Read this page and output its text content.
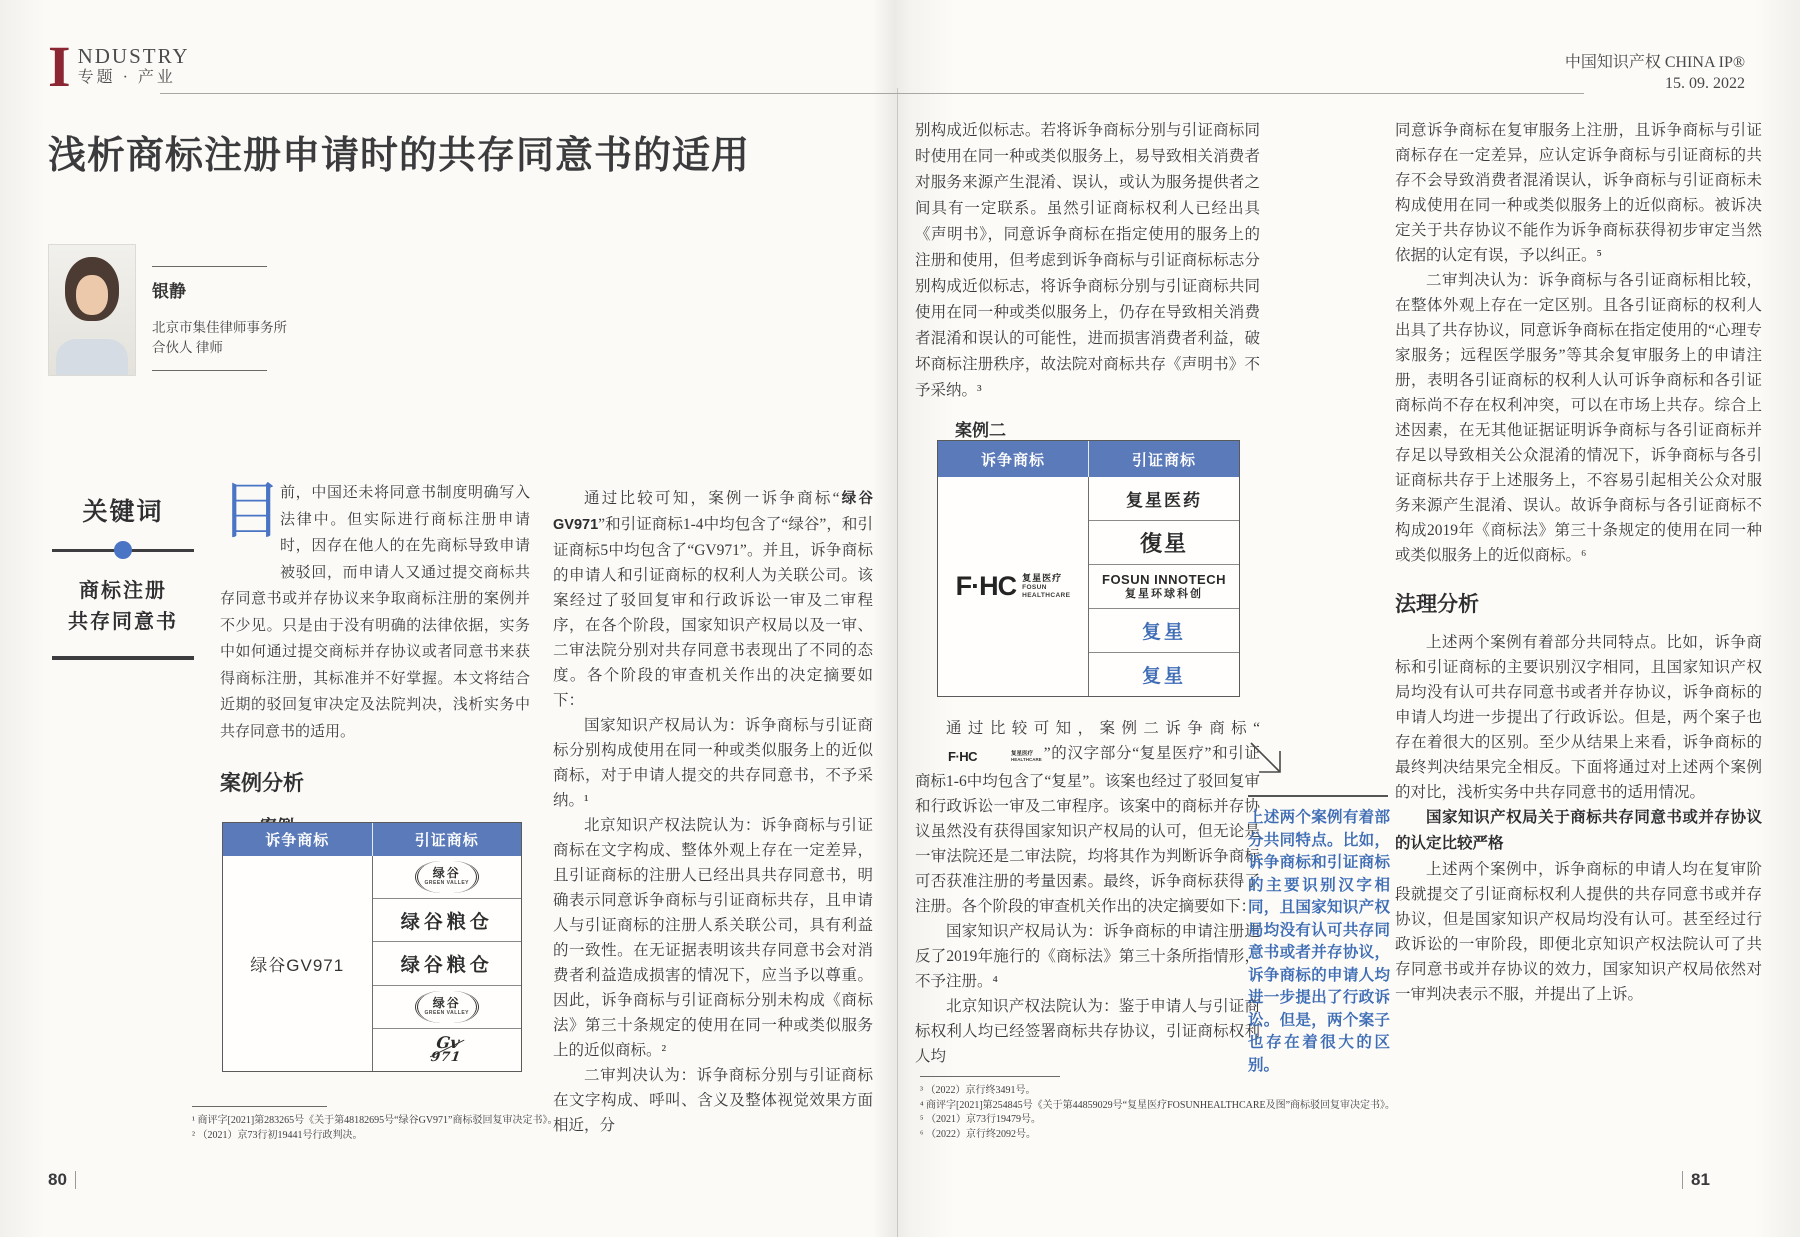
I NDUSTRY
专题 · 产业
中国知识产权 CHINA IP®
15. 09. 2022
浅析商标注册申请时的共存同意书的适用
银静
北京市集佳律师事务所
合伙人 律师
关键词
商标注册
共存同意书

目
前，中国还未将同意书制度明确写入法律中。但实际进行商标注册申请时，因存在他人的在先商标导致申请被驳回，而申请人又通过提交商标共存同意书或并存协议来争取商标注册的案例并不少见。只是由于没有明确的法律依据，实务中如何通过提交商标并存协议或者同意书来获得商标注册，其标准并不好掌握。本文将结合近期的驳回复审决定及法院判决，浅析实务中共存同意书的适用。

案例分析
诉争商标	引证商标
绿谷GV971
绿谷
GREEN VALLEY
绿谷粮仓
绿谷粮仓
绿谷
GREEN VALLEY
Gv
971

通过比较可知，案例一诉争商标“绿谷GV971”和引证商标1-4中均包含了“绿谷”，和引证商标5中均包含了“GV971”。并且，诉争商标的申请人和引证商标的权利人为关联公司。该案经过了驳回复审和行政诉讼一审及二审程序，在各个阶段，国家知识产权局以及一审、二审法院分别对共存同意书表现出了不同的态度。各个阶段的审查机关作出的决定摘要如下：

国家知识产权局认为：诉争商标与引证商标分别构成使用在同一种或类似服务上的近似商标，对于申请人提交的共存同意书，不予采纳。¹

北京知识产权法院认为：诉争商标与引证商标在文字构成、整体外观上存在一定差异，且引证商标的注册人已经出具共存同意书，明确表示同意诉争商标与引证商标共存，且申请人与引证商标的注册人系关联公司，具有利益的一致性。在无证据表明该共存同意书会对消费者利益造成损害的情况下，应当予以尊重。因此，诉争商标与引证商标分别未构成《商标法》第三十条规定的使用在同一种或类似服务上的近似商标。²

二审判决认为：诉争商标分别与引证商标在文字构成、呼叫、含义及整体视觉效果方面相近，分

¹ 商评字[2021]第283265号《关于第48182695号“绿谷GV971”商标驳回复审决定书》。

² （2021）京73行初19441号行政判决。

80

别构成近似标志。若将诉争商标分别与引证商标同时使用在同一种或类似服务上，易导致相关消费者对服务来源产生混淆、误认，或认为服务提供者之间具有一定联系。虽然引证商标权利人已经出具《声明书》，同意诉争商标在指定使用的服务上的注册和使用，但考虑到诉争商标与引证商标标志分别构成近似标志，将诉争商标分别与引证商标共同使用在同一种或类似服务上，仍存在导致相关消费者混淆和误认的可能性，进而损害消费者利益，破坏商标注册秩序，故法院对商标共存《声明书》不予采纳。³

案例二
诉争商标	引证商标
F·HC 复星医疗
FOSUN
HEALTHCARE
复星医药
復星
FOSUN INNOTECH
复星环球科创
复星
复星

通过比较可知，案例二诉争商标“
F·HC	复星医疗
HEALTHCARE ”的汉字部分“复星医疗”和引证商标1-6中均包含了“复星”。该案也经过了驳回复审和行政诉讼一审及二审程序。该案中的商标并存协议虽然没有获得国家知识产权局的认可，但无论是一审法院还是二审法院，均将其作为判断诉争商标可否获准注册的考量因素。最终，诉争商标获得了注册。各个阶段的审查机关作出的决定摘要如下：

国家知识产权局认为：诉争商标的申请注册违反了2019年施行的《商标法》第三十条所指情形，不予注册。⁴

北京知识产权法院认为：鉴于申请人与引证商标权利人均已经签署商标共存协议，引证商标权利人均

上述两个案例有着部分共同特点。比如，诉争商标和引证商标的主要识别汉字相同，且国家知识产权局均没有认可共存同意书或者并存协议，诉争商标的申请人均进一步提出了行政诉讼。但是，两个案子也存在着很大的区别。

同意诉争商标在复审服务上注册，且诉争商标与引证商标存在一定差异，应认定诉争商标与引证商标的共存不会导致消费者混淆误认，诉争商标与引证商标未构成使用在同一种或类似服务上的近似商标。被诉决定关于共存协议不能作为诉争商标获得初步审定当然依据的认定有误，予以纠正。⁵

二审判决认为：诉争商标与各引证商标相比较，在整体外观上存在一定区别。且各引证商标的权利人出具了共存协议，同意诉争商标在指定使用的“心理专家服务；远程医学服务”等其余复审服务上的申请注册，表明各引证商标的权利人认可诉争商标和各引证商标尚不存在权利冲突，可以在市场上共存。综合上述因素，在无其他证据证明诉争商标与各引证商标并存足以导致相关公众混淆的情况下，诉争商标与各引证商标共存于上述服务上，不容易引起相关公众对服务来源产生混淆、误认。故诉争商标与各引证商标不构成2019年《商标法》第三十条规定的使用在同一种或类似服务上的近似商标。⁶

法理分析

上述两个案例有着部分共同特点。比如，诉争商标和引证商标的主要识别汉字相同，且国家知识产权局均没有认可共存同意书或者并存协议，诉争商标的申请人均进一步提出了行政诉讼。但是，两个案子也存在着很大的区别。至少从结果上来看，诉争商标的最终判决结果完全相反。下面将通过对上述两个案例的对比，浅析实务中共存同意书的适用情况。

国家知识产权局关于商标共存同意书或并存协议的认定比较严格

上述两个案例中，诉争商标的申请人均在复审阶段就提交了引证商标权利人提供的共存同意书或并存协议，但是国家知识产权局均没有认可。甚至经过行政诉讼的一审阶段，即便北京知识产权法院认可了共存同意书或并存协议的效力，国家知识产权局依然对一审判决表示不服，并提出了上诉。

³ （2022）京行终3491号。

⁴ 商评字[2021]第254845号《关于第44859029号“复星医疗FOSUNHEALTHCARE及图”商标驳回复审决定书》。

⁵ （2021）京73行19479号。

⁶ （2022）京行终2092号。

81
